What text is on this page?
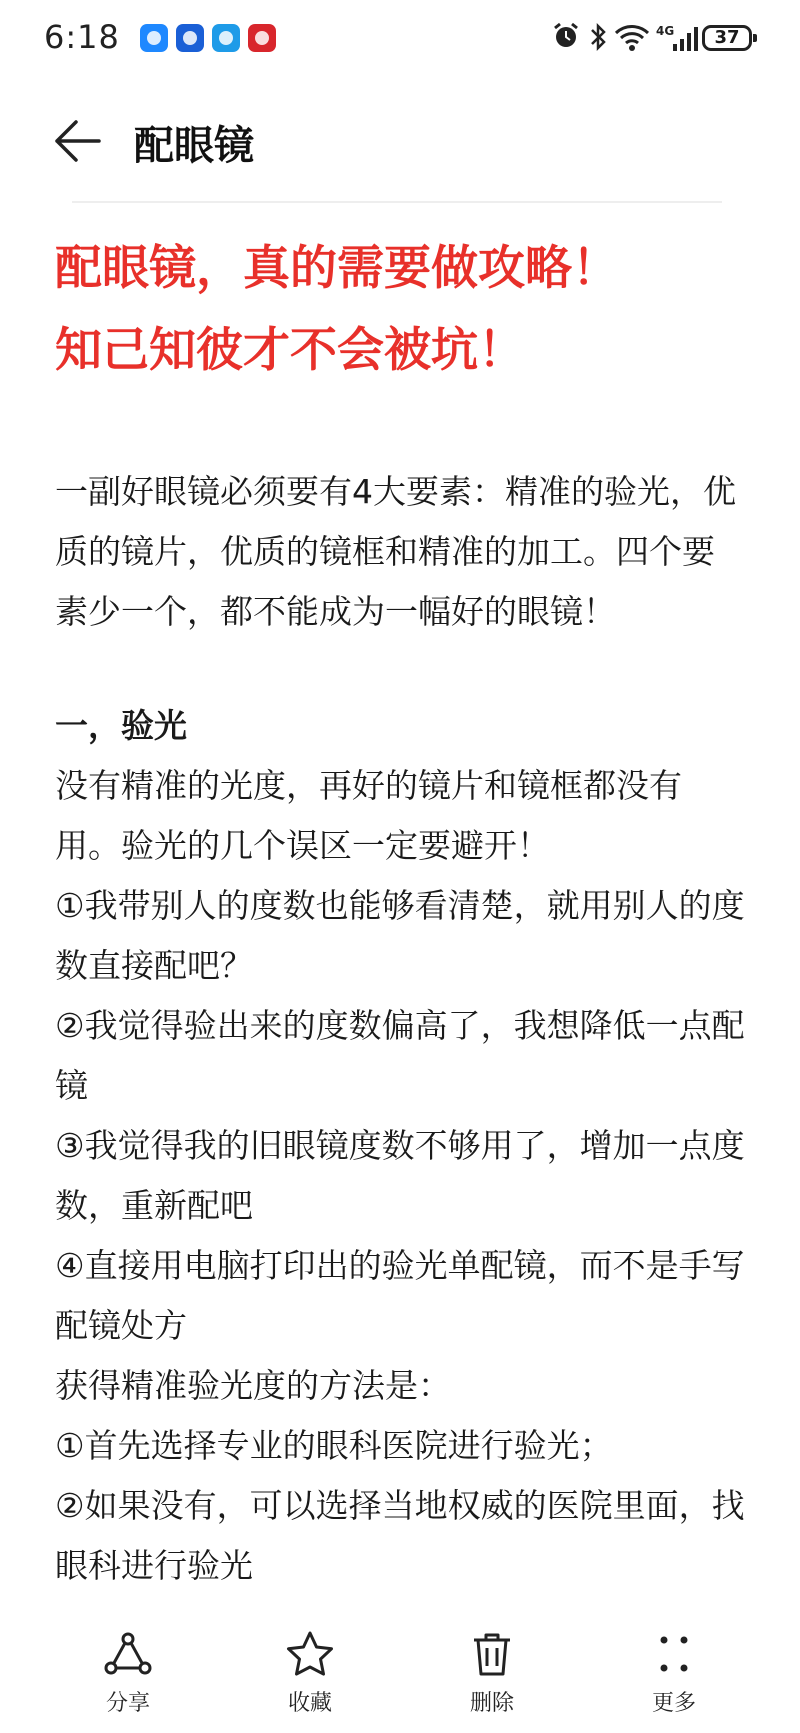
6:18	4G	37
配眼镜

配眼镜，真的需要做攻略！

知己知彼才不会被坑！

一副好眼镜必须要有4大要素：精准的验光，优质的镜片，优质的镜框和精准的加工。四个要素少一个，都不能成为一幅好的眼镜！

一，验光

没有精准的光度，再好的镜片和镜框都没有用。验光的几个误区一定要避开！

①我带别人的度数也能够看清楚，就用别人的度数直接配吧？

②我觉得验出来的度数偏高了，我想降低一点配镜

③我觉得我的旧眼镜度数不够用了，增加一点度数，重新配吧

④直接用电脑打印出的验光单配镜，而不是手写配镜处方

获得精准验光度的方法是：

①首先选择专业的眼科医院进行验光；

②如果没有，可以选择当地权威的医院里面，找眼科进行验光

分享	收藏	删除	更多
